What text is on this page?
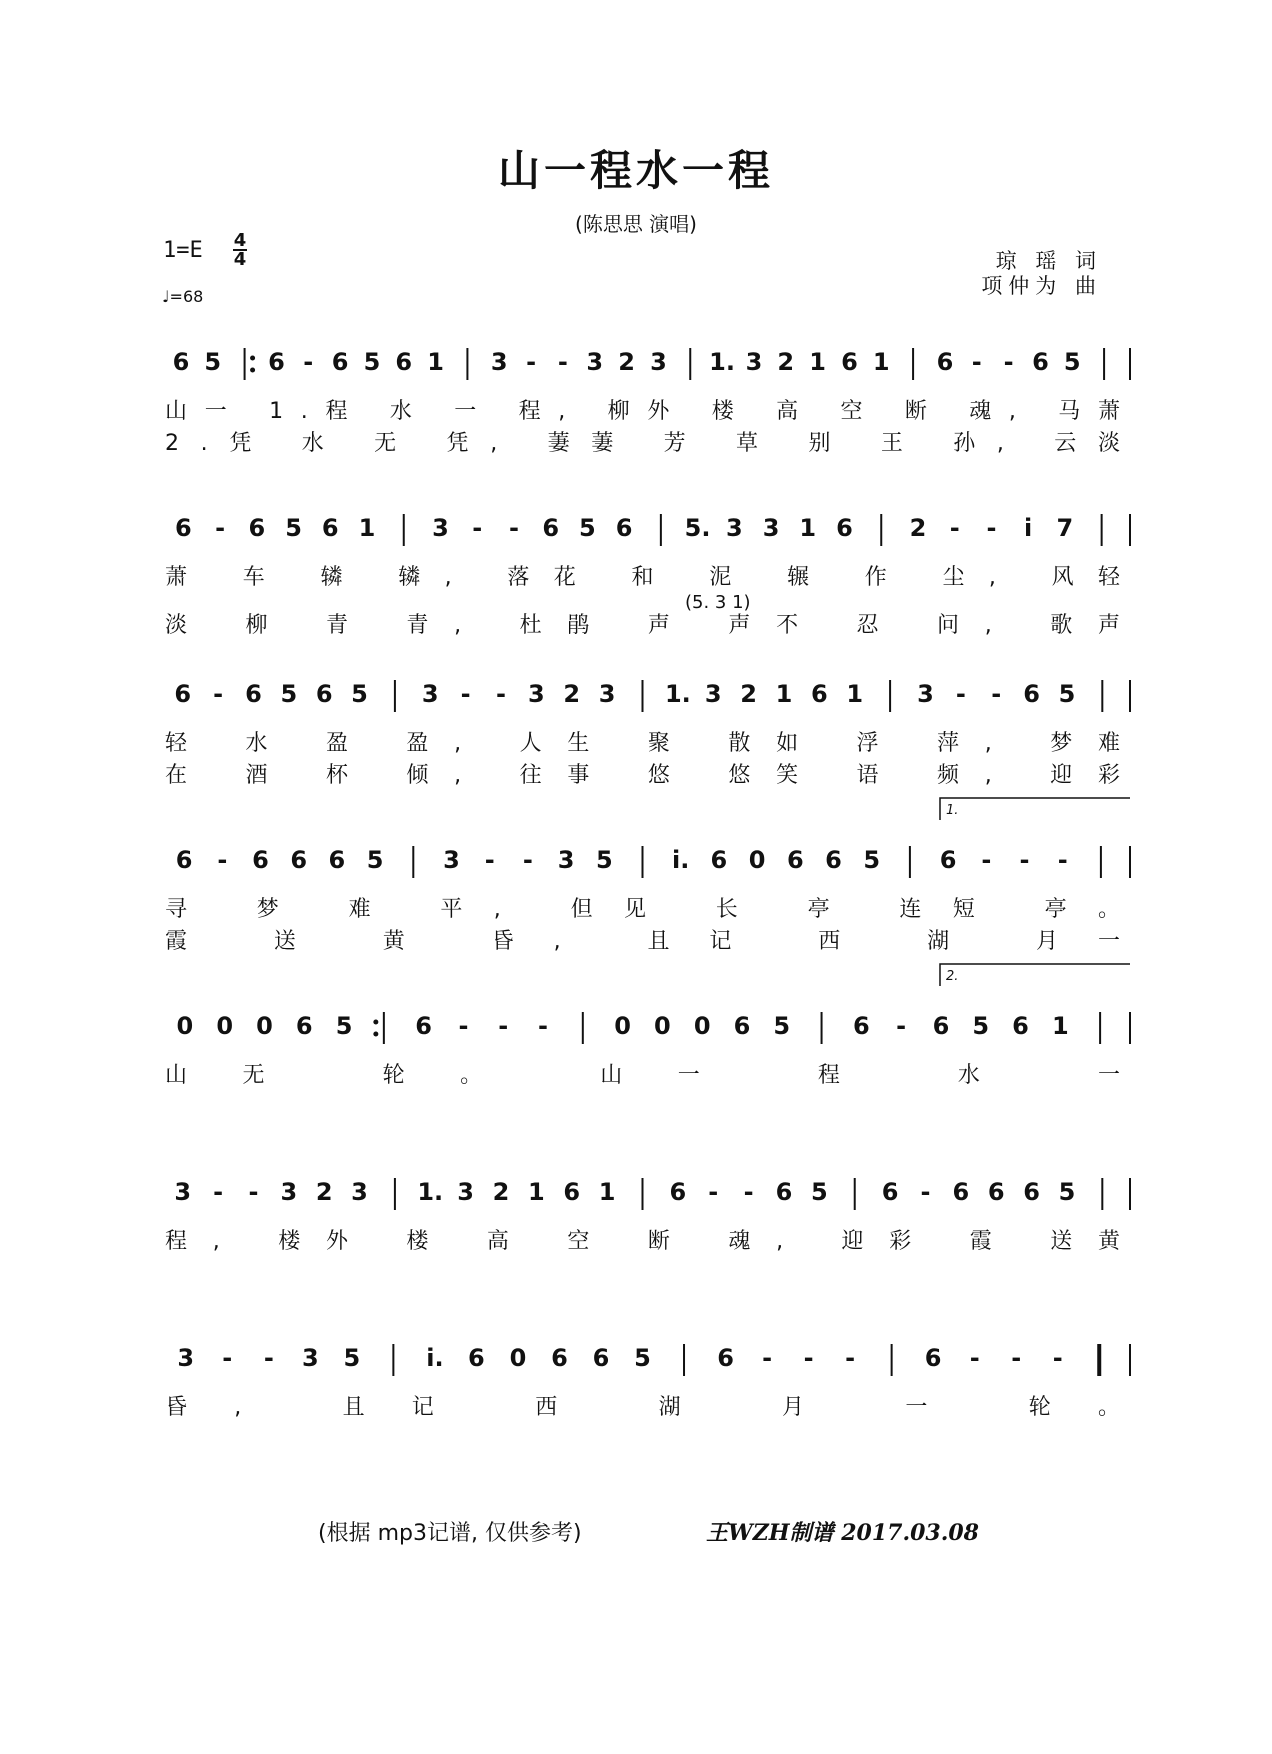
山一程水一程
(陈思思 演唱)
1=E 4
4
♩=68
琼 瑶 词
项仲为 曲
6 5 6 - 6 5 6 1 3 - - 3 2 3 1. 3 2 1 6 1 6 - - 6 5
山一 1.程 水 一 程, 柳外 楼 高 空 断 魂, 马萧
2.凭 水 无 凭, 萋萋 芳 草 别 王 孙, 云淡
6 - 6 5 6 1 3 - - 6 5 6 5. 3 3 1 6 2 - - i 7
萧 车 辚 辚, 落花 和 泥 辗 作 尘, 风轻
(5. 3 1)
淡 柳 青 青, 杜鹃 声 声不 忍 问, 歌声
6 - 6 5 6 5 3 - - 3 2 3 1. 3 2 1 6 1 3 - - 6 5
轻 水 盈 盈, 人生 聚 散如 浮 萍, 梦难
在 酒 杯 倾, 往事 悠 悠笑 语 频, 迎彩
6 - 6 6 6 5 3 - - 3 5 i. 6 0 6 6 5 6 - - -
1.
寻 梦 难 平, 但见 长 亭 连短 亭。
霞 送 黄 昏, 且记 西 湖 月一
0 0 0 6 5	6 - - -	0 0 0 6 5	6 - 6 5 6 1
2.
山无 轮。 山一 程 水 一
3 - - 3 2 3 1. 3 2 1 6 1 6 - - 6 5 6 - 6 6 6 5
程, 楼外 楼 高 空 断 魂, 迎彩 霞 送黄
3 - - 3 5	i. 6 0 6 6 5	6 - - -	6 - - -
昏, 且记 西 湖 月 一 轮。
(根据 mp3记谱, 仅供参考)	王WZH制谱 2017.03.08
